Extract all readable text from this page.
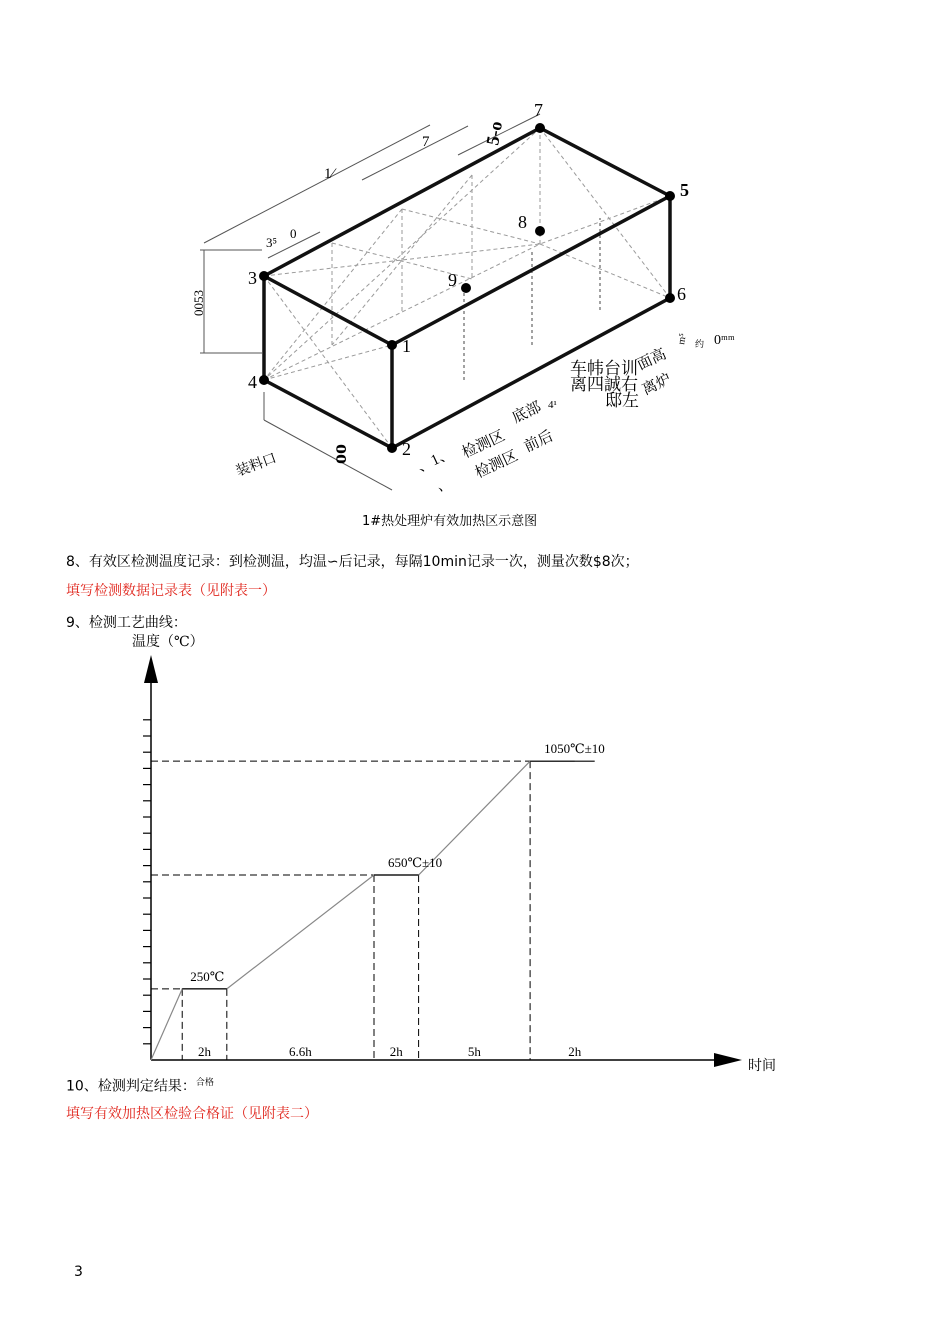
1
2
3
4
5
6
7
8
9
0053
7
1⁄
5-o
3⁵
0
oo
m⁵ 0ᵐᵐ
车帏台训
离四誠右
邸左
面高
约
离炉
底部 4¹
检测区
、1、 检测区
前后
、
装料口
1#热处理炉有效加热区示意图
8、有效区检测温度记录：到检测温，均温∽后记录，每隔10min记录一次，测量次数$8次；
填写检测数据记录表（见附表一）
9、检测工艺曲线：
温度（℃）
时间
250℃
650℃±10
1050℃±10
2h	6.6h	2h	5h	2h
10、检测判定结果：$^{合格}$
填写有效加热区检验合格证（见附表二）
3
